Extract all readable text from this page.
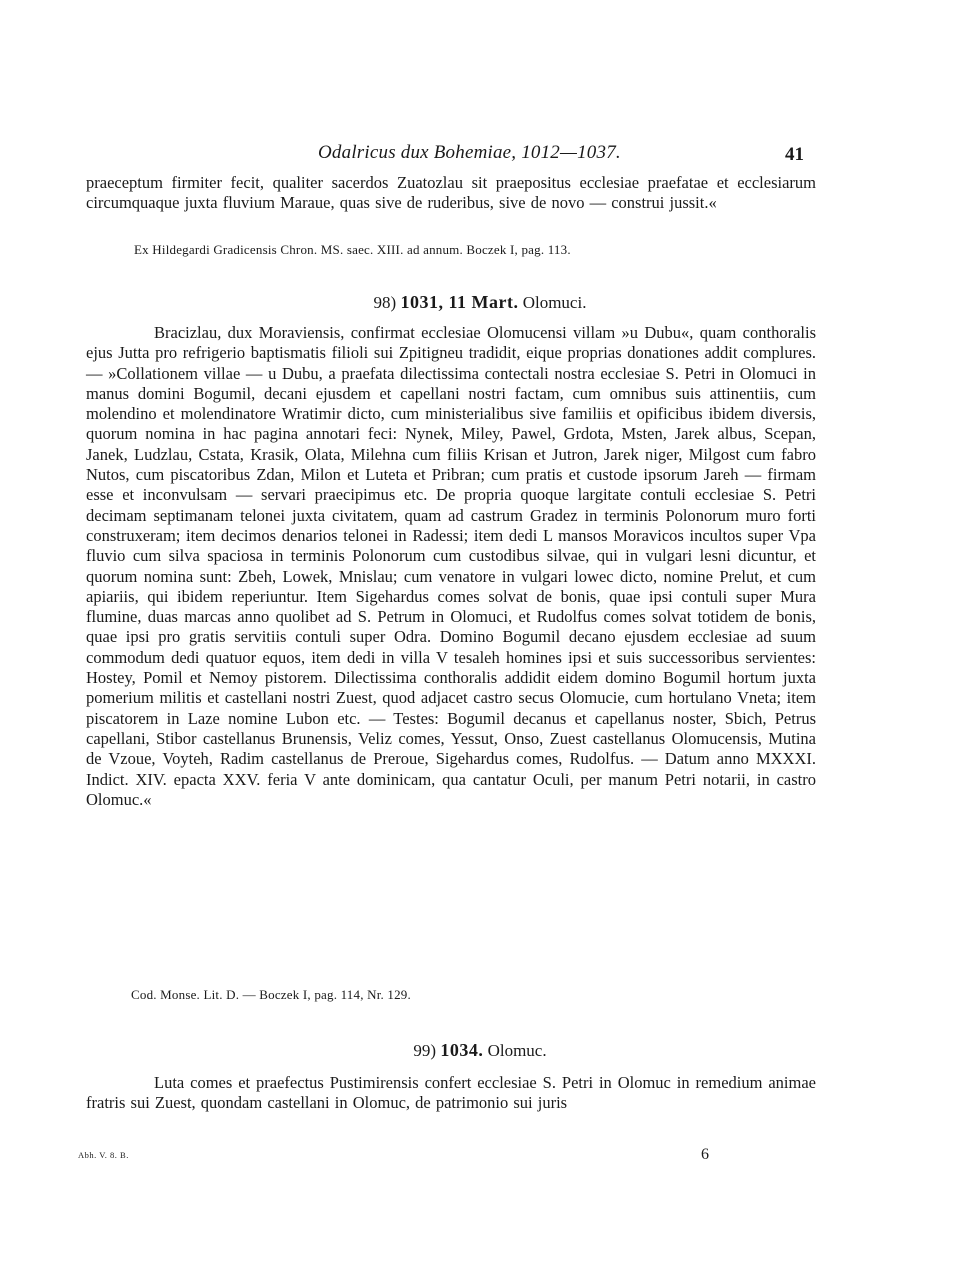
Odalricus dux Bohemiae, 1012—1037.	41

praeceptum firmiter fecit, qualiter sacerdos Zuatozlau sit praepositus ecclesiae praefatae et ecclesiarum circumquaque juxta fluvium Maraue, quas sive de ruderibus, sive de novo — construi jussit.«

Ex Hildegardi Gradicensis Chron. MS. saec. XIII. ad annum. Boczek I, pag. 113.

98) 1031, 11 Mart. Olomuci.

Bracizlau, dux Moraviensis, confirmat ecclesiae Olomucensi villam »u Dubu«, quam conthoralis ejus Jutta pro refrigerio baptismatis filioli sui Zpitigneu tradidit, eique proprias donationes addit complures. — »Collationem villae — u Dubu, a praefata dilectissima contectali nostra ecclesiae S. Petri in Olomuci in manus domini Bogumil, decani ejusdem et capellani nostri factam, cum omnibus suis attinentiis, cum molendino et molendinatore Wratimir dicto, cum ministerialibus sive familiis et opificibus ibidem diversis, quorum nomina in hac pagina annotari feci: Nynek, Miley, Pawel, Grdota, Msten, Jarek albus, Scepan, Janek, Ludzlau, Cstata, Krasik, Olata, Milehna cum filiis Krisan et Jutron, Jarek niger, Milgost cum fabro Nutos, cum piscatoribus Zdan, Milon et Luteta et Pribran; cum pratis et custode ipsorum Jareh — firmam esse et inconvulsam — servari praecipimus etc. De propria quoque largitate contuli ecclesiae S. Petri decimam septimanam telonei juxta civitatem, quam ad castrum Gradez in terminis Polonorum muro forti construxeram; item decimos denarios telonei in Radessi; item dedi L mansos Moravicos incultos super Vpa fluvio cum silva spaciosa in terminis Polonorum cum custodibus silvae, qui in vulgari lesni dicuntur, et quorum nomina sunt: Zbeh, Lowek, Mnislau; cum venatore in vulgari lowec dicto, nomine Prelut, et cum apiariis, qui ibidem reperiuntur. Item Sigehardus comes solvat de bonis, quae ipsi contuli super Mura flumine, duas marcas anno quolibet ad S. Petrum in Olomuci, et Rudolfus comes solvat totidem de bonis, quae ipsi pro gratis servitiis contuli super Odra. Domino Bogumil decano ejusdem ecclesiae ad suum commodum dedi quatuor equos, item dedi in villa V tesaleh homines ipsi et suis successoribus servientes: Hostey, Pomil et Nemoy pistorem. Dilectissima conthoralis addidit eidem domino Bogumil hortum juxta pomerium militis et castellani nostri Zuest, quod adjacet castro secus Olomucie, cum hortulano Vneta; item piscatorem in Laze nomine Lubon etc. — Testes: Bogumil decanus et capellanus noster, Sbich, Petrus capellani, Stibor castellanus Brunensis, Veliz comes, Yessut, Onso, Zuest castellanus Olomucensis, Mutina de Vzoue, Voyteh, Radim castellanus de Preroue, Sigehardus comes, Rudolfus. — Datum anno MXXXI. Indict. XIV. epacta XXV. feria V ante dominicam, qua cantatur Oculi, per manum Petri notarii, in castro Olomuc.«

Cod. Monse. Lit. D. — Boczek I, pag. 114, Nr. 129.

99) 1034. Olomuc.

Luta comes et praefectus Pustimirensis confert ecclesiae S. Petri in Olomuc in remedium animae fratris sui Zuest, quondam castellani in Olomuc, de patrimonio sui juris

Abh. V. 8. B.	6
